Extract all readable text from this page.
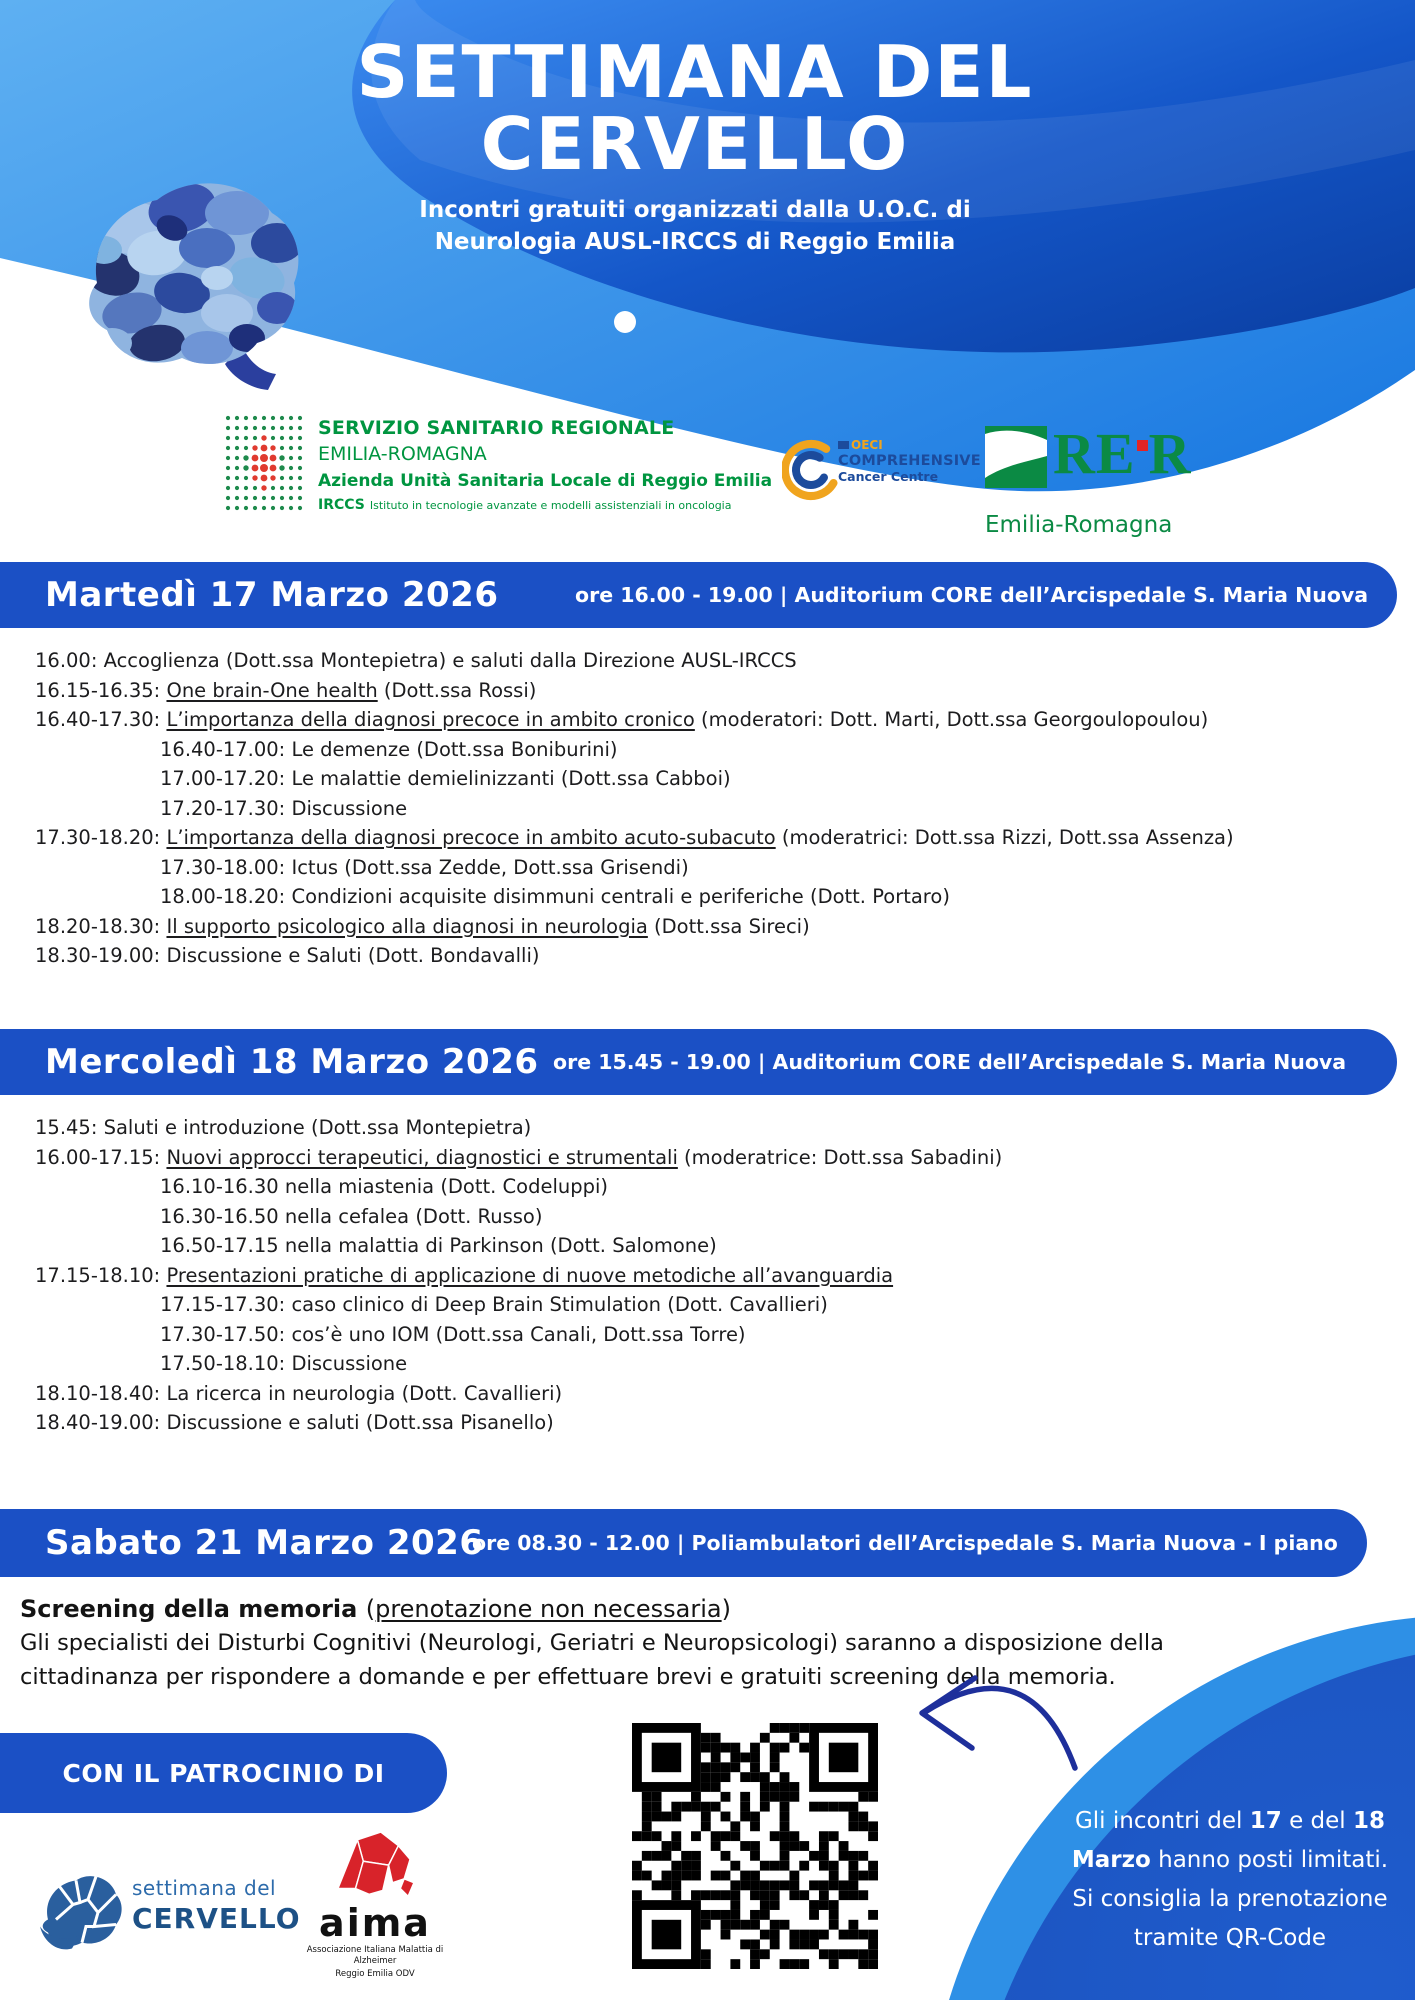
SETTIMANA DEL
CERVELLO
Incontri gratuiti organizzati dalla U.O.C. di
Neurologia AUSL-IRCCS di Reggio Emilia
SERVIZIO SANITARIO REGIONALE
EMILIA-ROMAGNA
Azienda Unità Sanitaria Locale di Reggio Emilia
IRCCS Istituto in tecnologie avanzate e modelli assistenziali in oncologia
OECI
COMPREHENSIVE
Cancer Centre	RE R
Emilia-Romagna
Martedì 17 Marzo 2026	ore 16.00 - 19.00 | Auditorium CORE dell’Arcispedale S. Maria Nuova
16.00: Accoglienza (Dott.ssa Montepietra) e saluti dalla Direzione AUSL-IRCCS
16.15-16.35: One brain-One health (Dott.ssa Rossi)
16.40-17.30: L’importanza della diagnosi precoce in ambito cronico (moderatori: Dott. Marti, Dott.ssa Georgoulopoulou)
16.40-17.00: Le demenze (Dott.ssa Boniburini)
17.00-17.20: Le malattie demielinizzanti (Dott.ssa Cabboi)
17.20-17.30: Discussione
17.30-18.20: L’importanza della diagnosi precoce in ambito acuto-subacuto (moderatrici: Dott.ssa Rizzi, Dott.ssa Assenza)
17.30-18.00: Ictus (Dott.ssa Zedde, Dott.ssa Grisendi)
18.00-18.20: Condizioni acquisite disimmuni centrali e periferiche (Dott. Portaro)
18.20-18.30: Il supporto psicologico alla diagnosi in neurologia (Dott.ssa Sireci)
18.30-19.00: Discussione e Saluti (Dott. Bondavalli)
Mercoledì 18 Marzo 2026 ore 15.45 - 19.00 | Auditorium CORE dell’Arcispedale S. Maria Nuova
15.45: Saluti e introduzione (Dott.ssa Montepietra)
16.00-17.15: Nuovi approcci terapeutici, diagnostici e strumentali (moderatrice: Dott.ssa Sabadini)
16.10-16.30 nella miastenia (Dott. Codeluppi)
16.30-16.50 nella cefalea (Dott. Russo)
16.50-17.15 nella malattia di Parkinson (Dott. Salomone)
17.15-18.10: Presentazioni pratiche di applicazione di nuove metodiche all’avanguardia
17.15-17.30: caso clinico di Deep Brain Stimulation (Dott. Cavallieri)
17.30-17.50: cos’è uno IOM (Dott.ssa Canali, Dott.ssa Torre)
17.50-18.10: Discussione
18.10-18.40: La ricerca in neurologia (Dott. Cavallieri)
18.40-19.00: Discussione e saluti (Dott.ssa Pisanello)
Sabato 21 Marzo 2026
ore 08.30 - 12.00 | Poliambulatori dell’Arcispedale S. Maria Nuova - I piano
Screening della memoria (prenotazione non necessaria)
Gli specialisti dei Disturbi Cognitivi (Neurologi, Geriatri e Neuropsicologi) saranno a disposizione della
cittadinanza per rispondere a domande e per effettuare brevi e gratuiti screening della memoria.
Gli incontri del 17 e del 18
Marzo hanno posti limitati.
Si consiglia la prenotazione
tramite QR-Code
CON IL PATROCINIO DI
settimana del
CERVELLO aima
Associazione Italiana Malattia di Alzheimer
Reggio Emilia ODV
